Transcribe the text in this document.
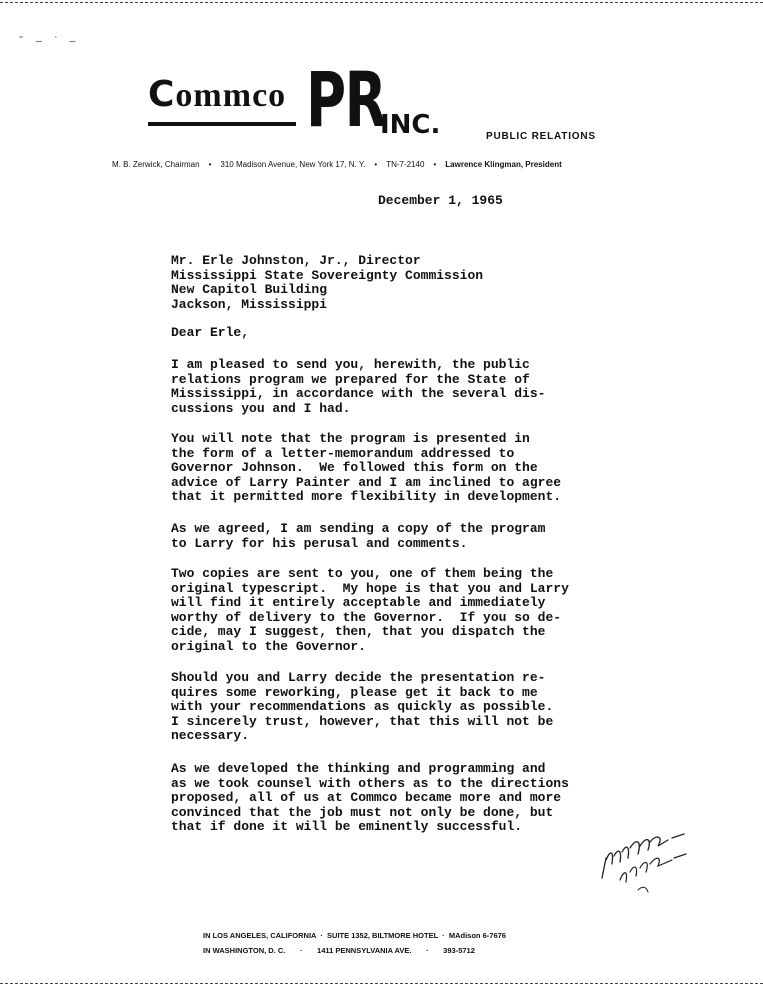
˘ ‒ ˋ ‒
Commco PR
INC.	PUBLIC RELATIONS
M. B. Zerwick, Chairman • 310 Madison Avenue, New York 17, N. Y. • TN-7-2140 • Lawrence Klingman, President
December 1, 1965
Mr. Erle Johnston, Jr., Director
Mississippi State Sovereignty Commission
New Capitol Building
Jackson, Mississippi
Dear Erle,
I am pleased to send you, herewith, the public
relations program we prepared for the State of
Mississippi, in accordance with the several dis-
cussions you and I had.
You will note that the program is presented in
the form of a letter-memorandum addressed to
Governor Johnson.  We followed this form on the
advice of Larry Painter and I am inclined to agree
that it permitted more flexibility in development.
As we agreed, I am sending a copy of the program
to Larry for his perusal and comments.
Two copies are sent to you, one of them being the
original typescript.  My hope is that you and Larry
will find it entirely acceptable and immediately
worthy of delivery to the Governor.  If you so de-
cide, may I suggest, then, that you dispatch the
original to the Governor.
Should you and Larry decide the presentation re-
quires some reworking, please get it back to me
with your recommendations as quickly as possible.
I sincerely trust, however, that this will not be
necessary.
As we developed the thinking and programming and
as we took counsel with others as to the directions
proposed, all of us at Commco became more and more
convinced that the job must not only be done, but
that if done it will be eminently successful.
IN LOS ANGELES, CALIFORNIA  ·  SUITE 1352, BILTMORE HOTEL  ·  MAdison 6-7676
IN WASHINGTON, D. C.       ·       1411 PENNSYLVANIA AVE.       ·       393-5712
